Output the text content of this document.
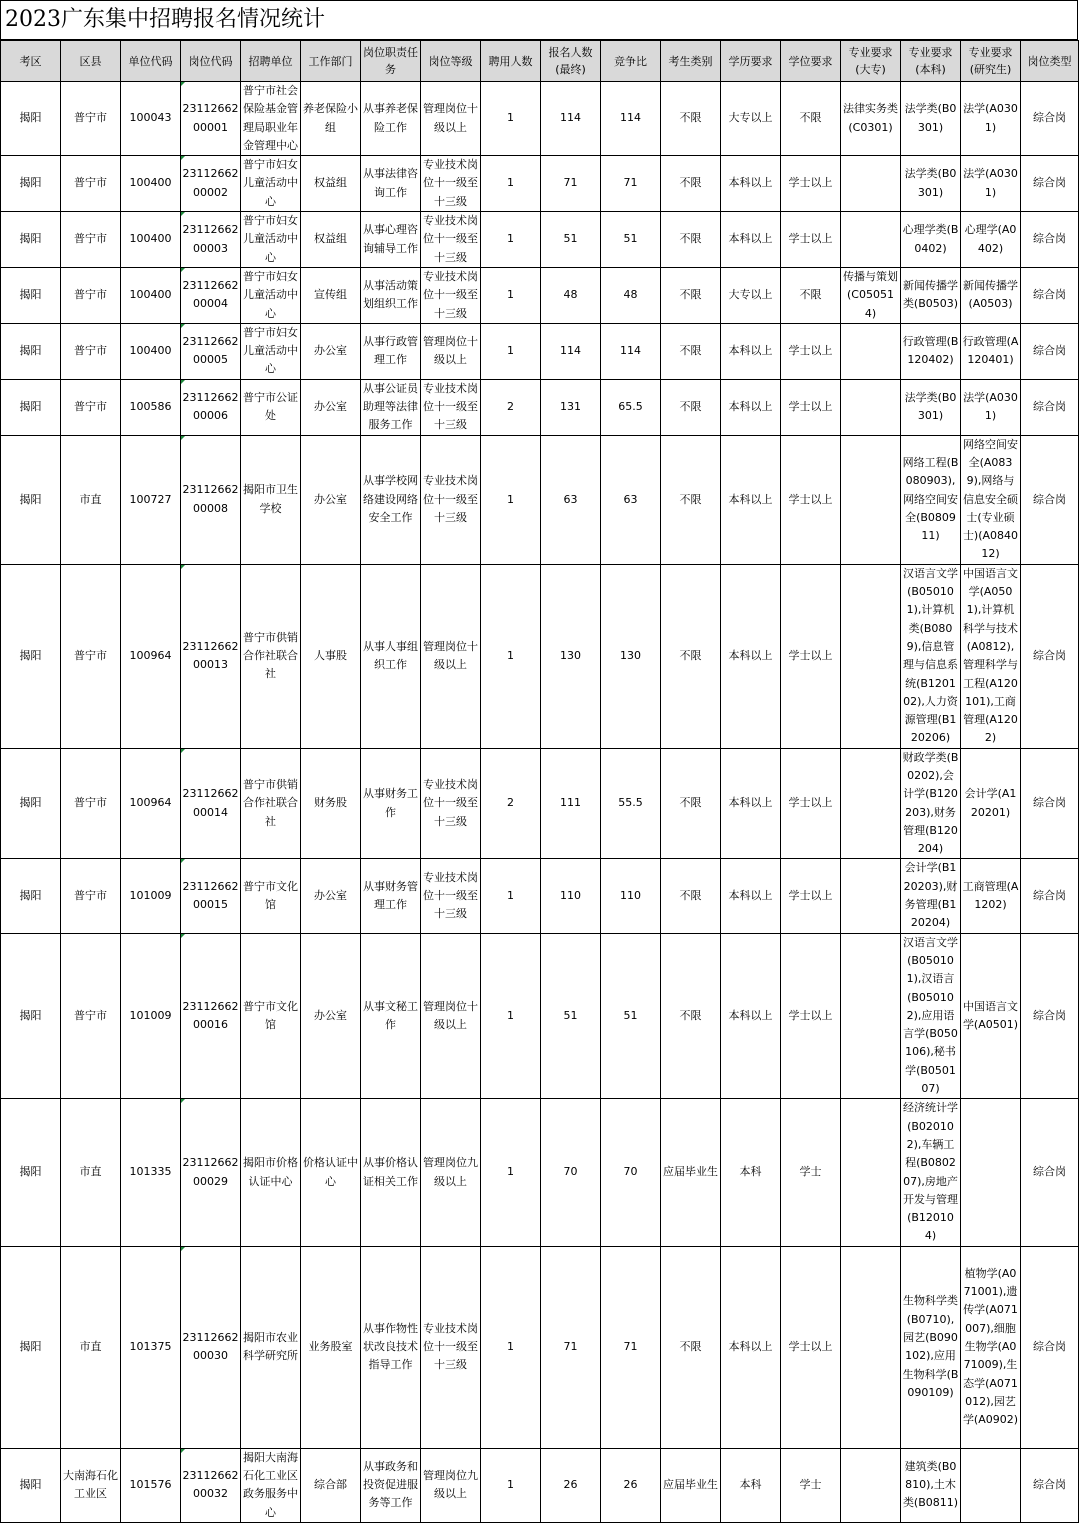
2023广东集中招聘报名情况统计
考区	区县	单位代码	岗位代码	招聘单位	工作部门	岗位职责任务	岗位等级	聘用人数	报名人数(最终)	竞争比	考生类别	学历要求	学位要求	专业要求(大专)	专业要求(本科)	专业要求(研究生)	岗位类型
揭阳	普宁市	100043	2311266200001	普宁市社会保险基金管理局职业年金管理中心	养老保险小组	从事养老保险工作	管理岗位十级以上	1	114	114	不限	大专以上	不限	法律实务类(C0301)	法学类(B0301)	法学(A0301)	综合岗
揭阳	普宁市	100400	2311266200002	普宁市妇女儿童活动中心	权益组	从事法律咨询工作	专业技术岗位十一级至十三级	1	71	71	不限	本科以上	学士以上		法学类(B0301)	法学(A0301)	综合岗
揭阳	普宁市	100400	2311266200003	普宁市妇女儿童活动中心	权益组	从事心理咨询辅导工作	专业技术岗位十一级至十三级	1	51	51	不限	本科以上	学士以上		心理学类(B0402)	心理学(A0402)	综合岗
揭阳	普宁市	100400	2311266200004	普宁市妇女儿童活动中心	宣传组	从事活动策划组织工作	专业技术岗位十一级至十三级	1	48	48	不限	大专以上	不限	传播与策划(C050514)	新闻传播学类(B0503)	新闻传播学(A0503)	综合岗
揭阳	普宁市	100400	2311266200005	普宁市妇女儿童活动中心	办公室	从事行政管理工作	管理岗位十级以上	1	114	114	不限	本科以上	学士以上		行政管理(B120402)	行政管理(A120401)	综合岗
揭阳	普宁市	100586	2311266200006	普宁市公证处	办公室	从事公证员助理等法律服务工作	专业技术岗位十一级至十三级	2	131	65.5	不限	本科以上	学士以上		法学类(B0301)	法学(A0301)	综合岗
揭阳	市直	100727	2311266200008	揭阳市卫生学校	办公室	从事学校网络建设网络安全工作	专业技术岗位十一级至十三级	1	63	63	不限	本科以上	学士以上		网络工程(B080903),网络空间安全(B080911)	网络空间安全(A0839),网络与信息安全硕士(专业硕士)(A084012)	综合岗
揭阳	普宁市	100964	2311266200013	普宁市供销合作社联合社	人事股	从事人事组织工作	管理岗位十级以上	1	130	130	不限	本科以上	学士以上		汉语言文学(B050101),计算机类(B0809),信息管理与信息系统(B120102),人力资源管理(B120206)	中国语言文学(A0501),计算机科学与技术(A0812),管理科学与工程(A120101),工商管理(A1202)	综合岗
揭阳	普宁市	100964	2311266200014	普宁市供销合作社联合社	财务股	从事财务工作	专业技术岗位十一级至十三级	2	111	55.5	不限	本科以上	学士以上		财政学类(B0202),会计学(B120203),财务管理(B120204)	会计学(A120201)	综合岗
揭阳	普宁市	101009	2311266200015	普宁市文化馆	办公室	从事财务管理工作	专业技术岗位十一级至十三级	1	110	110	不限	本科以上	学士以上		会计学(B120203),财务管理(B120204)	工商管理(A1202)	综合岗
揭阳	普宁市	101009	2311266200016	普宁市文化馆	办公室	从事文秘工作	管理岗位十级以上	1	51	51	不限	本科以上	学士以上		汉语言文学(B050101),汉语言(B050102),应用语言学(B050106),秘书学(B050107)	中国语言文学(A0501)	综合岗
揭阳	市直	101335	2311266200029	揭阳市价格认证中心	价格认证中心	从事价格认证相关工作	管理岗位九级以上	1	70	70	应届毕业生	本科	学士		经济统计学(B020102),车辆工程(B080207),房地产开发与管理(B120104)		综合岗
揭阳	市直	101375	2311266200030	揭阳市农业科学研究所	业务股室	从事作物性状改良技术指导工作	专业技术岗位十一级至十三级	1	71	71	不限	本科以上	学士以上		生物科学类(B0710),园艺(B090102),应用生物科学(B090109)	植物学(A071001),遗传学(A071007),细胞生物学(A071009),生态学(A071012),园艺学(A0902)	综合岗
揭阳	大南海石化工业区	101576	2311266200032	揭阳大南海石化工业区政务服务中心	综合部	从事政务和投资促进服务等工作	管理岗位九级以上	1	26	26	应届毕业生	本科	学士		建筑类(B0810),土木类(B0811)		综合岗
